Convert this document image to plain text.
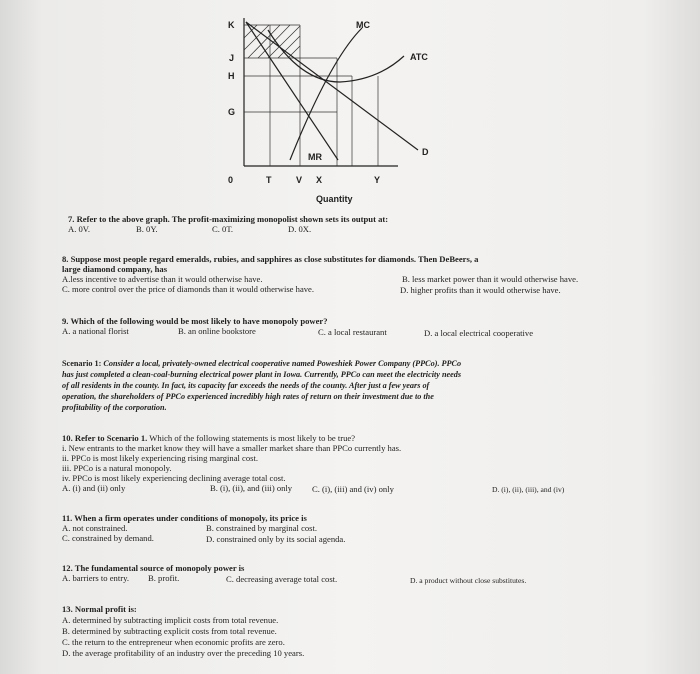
K
J
H
G
MC
ATC
MR	D
0	T	V X	Y
Quantity
7. Refer to the above graph. The profit-maximizing monopolist shown sets its output at:
A. 0V.	B. 0Y.	C. 0T.	D. 0X.
8. Suppose most people regard emeralds, rubies, and sapphires as close substitutes for diamonds. Then DeBeers, a
large diamond company, has
A.less incentive to advertise than it would otherwise have.	B. less market power than it would otherwise have.
C. more control over the price of diamonds than it would otherwise have.	D. higher profits than it would otherwise have.
9. Which of the following would be most likely to have monopoly power?
A. a national florist	B. an online bookstore	C. a local restaurant	D. a local electrical cooperative
Scenario 1: Consider a local, privately-owned electrical cooperative named Poweshiek Power Company (PPCo). PPCo
has just completed a clean-coal-burning electrical power plant in Iowa. Currently, PPCo can meet the electricity needs
of all residents in the county. In fact, its capacity far exceeds the needs of the county. After just a few years of
operation, the shareholders of PPCo experienced incredibly high rates of return on their investment due to the
profitability of the corporation.
10. Refer to Scenario 1. Which of the following statements is most likely to be true?
i. New entrants to the market know they will have a smaller market share than PPCo currently has.
ii. PPCo is most likely experiencing rising marginal cost.
iii. PPCo is a natural monopoly.
iv. PPCo is most likely experiencing declining average total cost.
A. (i) and (ii) only	B. (i), (ii), and (iii) only C. (i), (iii) and (iv) only	D. (i), (ii), (iii), and (iv)
11. When a firm operates under conditions of monopoly, its price is
A. not constrained.	B. constrained by marginal cost.
C. constrained by demand.	D. constrained only by its social agenda.
12. The fundamental source of monopoly power is
A. barriers to entry. B. profit.	C. decreasing average total cost.	D. a product without close substitutes.
13. Normal profit is:
A. determined by subtracting implicit costs from total revenue.
B. determined by subtracting explicit costs from total revenue.
C. the return to the entrepreneur when economic profits are zero.
D. the average profitability of an industry over the preceding 10 years.
